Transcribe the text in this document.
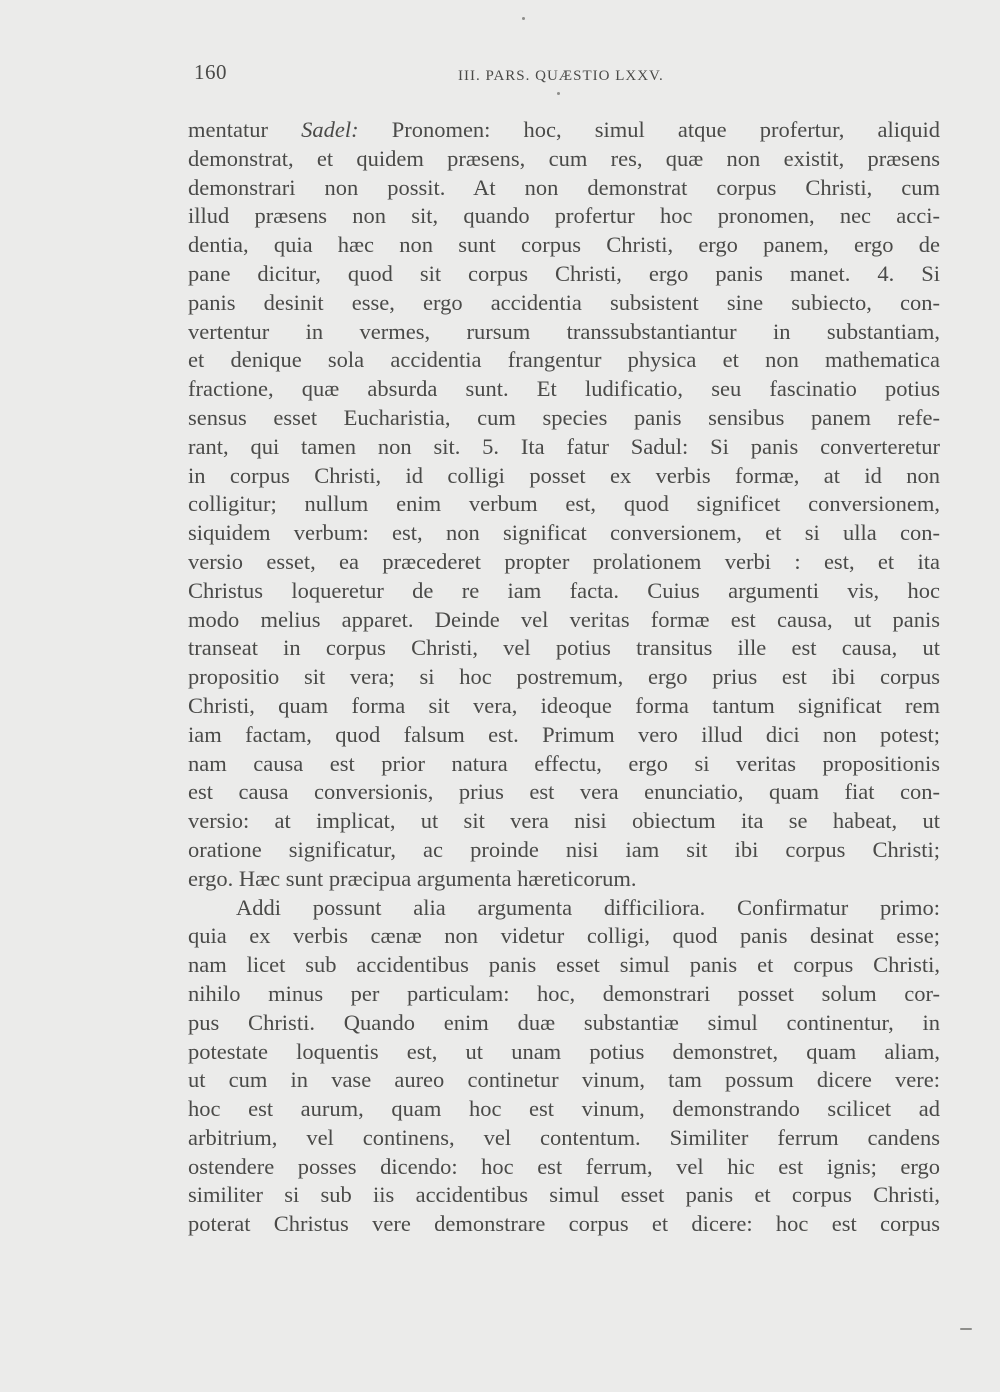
160	III. PARS. QUÆSTIO LXXV.
mentatur Sadel: Pronomen: hoc, simul atque profertur, aliquid
demonstrat, et quidem præsens, cum res, quæ non existit, præsens
demonstrari non possit. At non demonstrat corpus Christi, cum
illud præsens non sit, quando profertur hoc pronomen, nec acci-
dentia, quia hæc non sunt corpus Christi, ergo panem, ergo de
pane dicitur, quod sit corpus Christi, ergo panis manet. 4. Si
panis desinit esse, ergo accidentia subsistent sine subiecto, con-
vertentur in vermes, rursum transsubstantiantur in substantiam,
et denique sola accidentia frangentur physica et non mathematica
fractione, quæ absurda sunt. Et ludificatio, seu fascinatio potius
sensus esset Eucharistia, cum species panis sensibus panem refe-
rant, qui tamen non sit. 5. Ita fatur Sadul: Si panis converteretur
in corpus Christi, id colligi posset ex verbis formæ, at id non
colligitur; nullum enim verbum est, quod significet conversionem,
siquidem verbum: est, non significat conversionem, et si ulla con-
versio esset, ea præcederet propter prolationem verbi : est, et ita
Christus loqueretur de re iam facta. Cuius argumenti vis, hoc
modo melius apparet. Deinde vel veritas formæ est causa, ut panis
transeat in corpus Christi, vel potius transitus ille est causa, ut
propositio sit vera; si hoc postremum, ergo prius est ibi corpus
Christi, quam forma sit vera, ideoque forma tantum significat rem
iam factam, quod falsum est. Primum vero illud dici non potest;
nam causa est prior natura effectu, ergo si veritas propositionis
est causa conversionis, prius est vera enunciatio, quam fiat con-
versio: at implicat, ut sit vera nisi obiectum ita se habeat, ut
oratione significatur, ac proinde nisi iam sit ibi corpus Christi;
ergo. Hæc sunt præcipua argumenta hæreticorum.
Addi possunt alia argumenta difficiliora. Confirmatur primo:
quia ex verbis cænæ non videtur colligi, quod panis desinat esse;
nam licet sub accidentibus panis esset simul panis et corpus Christi,
nihilo minus per particulam: hoc, demonstrari posset solum cor-
pus Christi. Quando enim duæ substantiæ simul continentur, in
potestate loquentis est, ut unam potius demonstret, quam aliam,
ut cum in vase aureo continetur vinum, tam possum dicere vere:
hoc est aurum, quam hoc est vinum, demonstrando scilicet ad
arbitrium, vel continens, vel contentum. Similiter ferrum candens
ostendere posses dicendo: hoc est ferrum, vel hic est ignis; ergo
similiter si sub iis accidentibus simul esset panis et corpus Christi,
poterat Christus vere demonstrare corpus et dicere: hoc est corpus
